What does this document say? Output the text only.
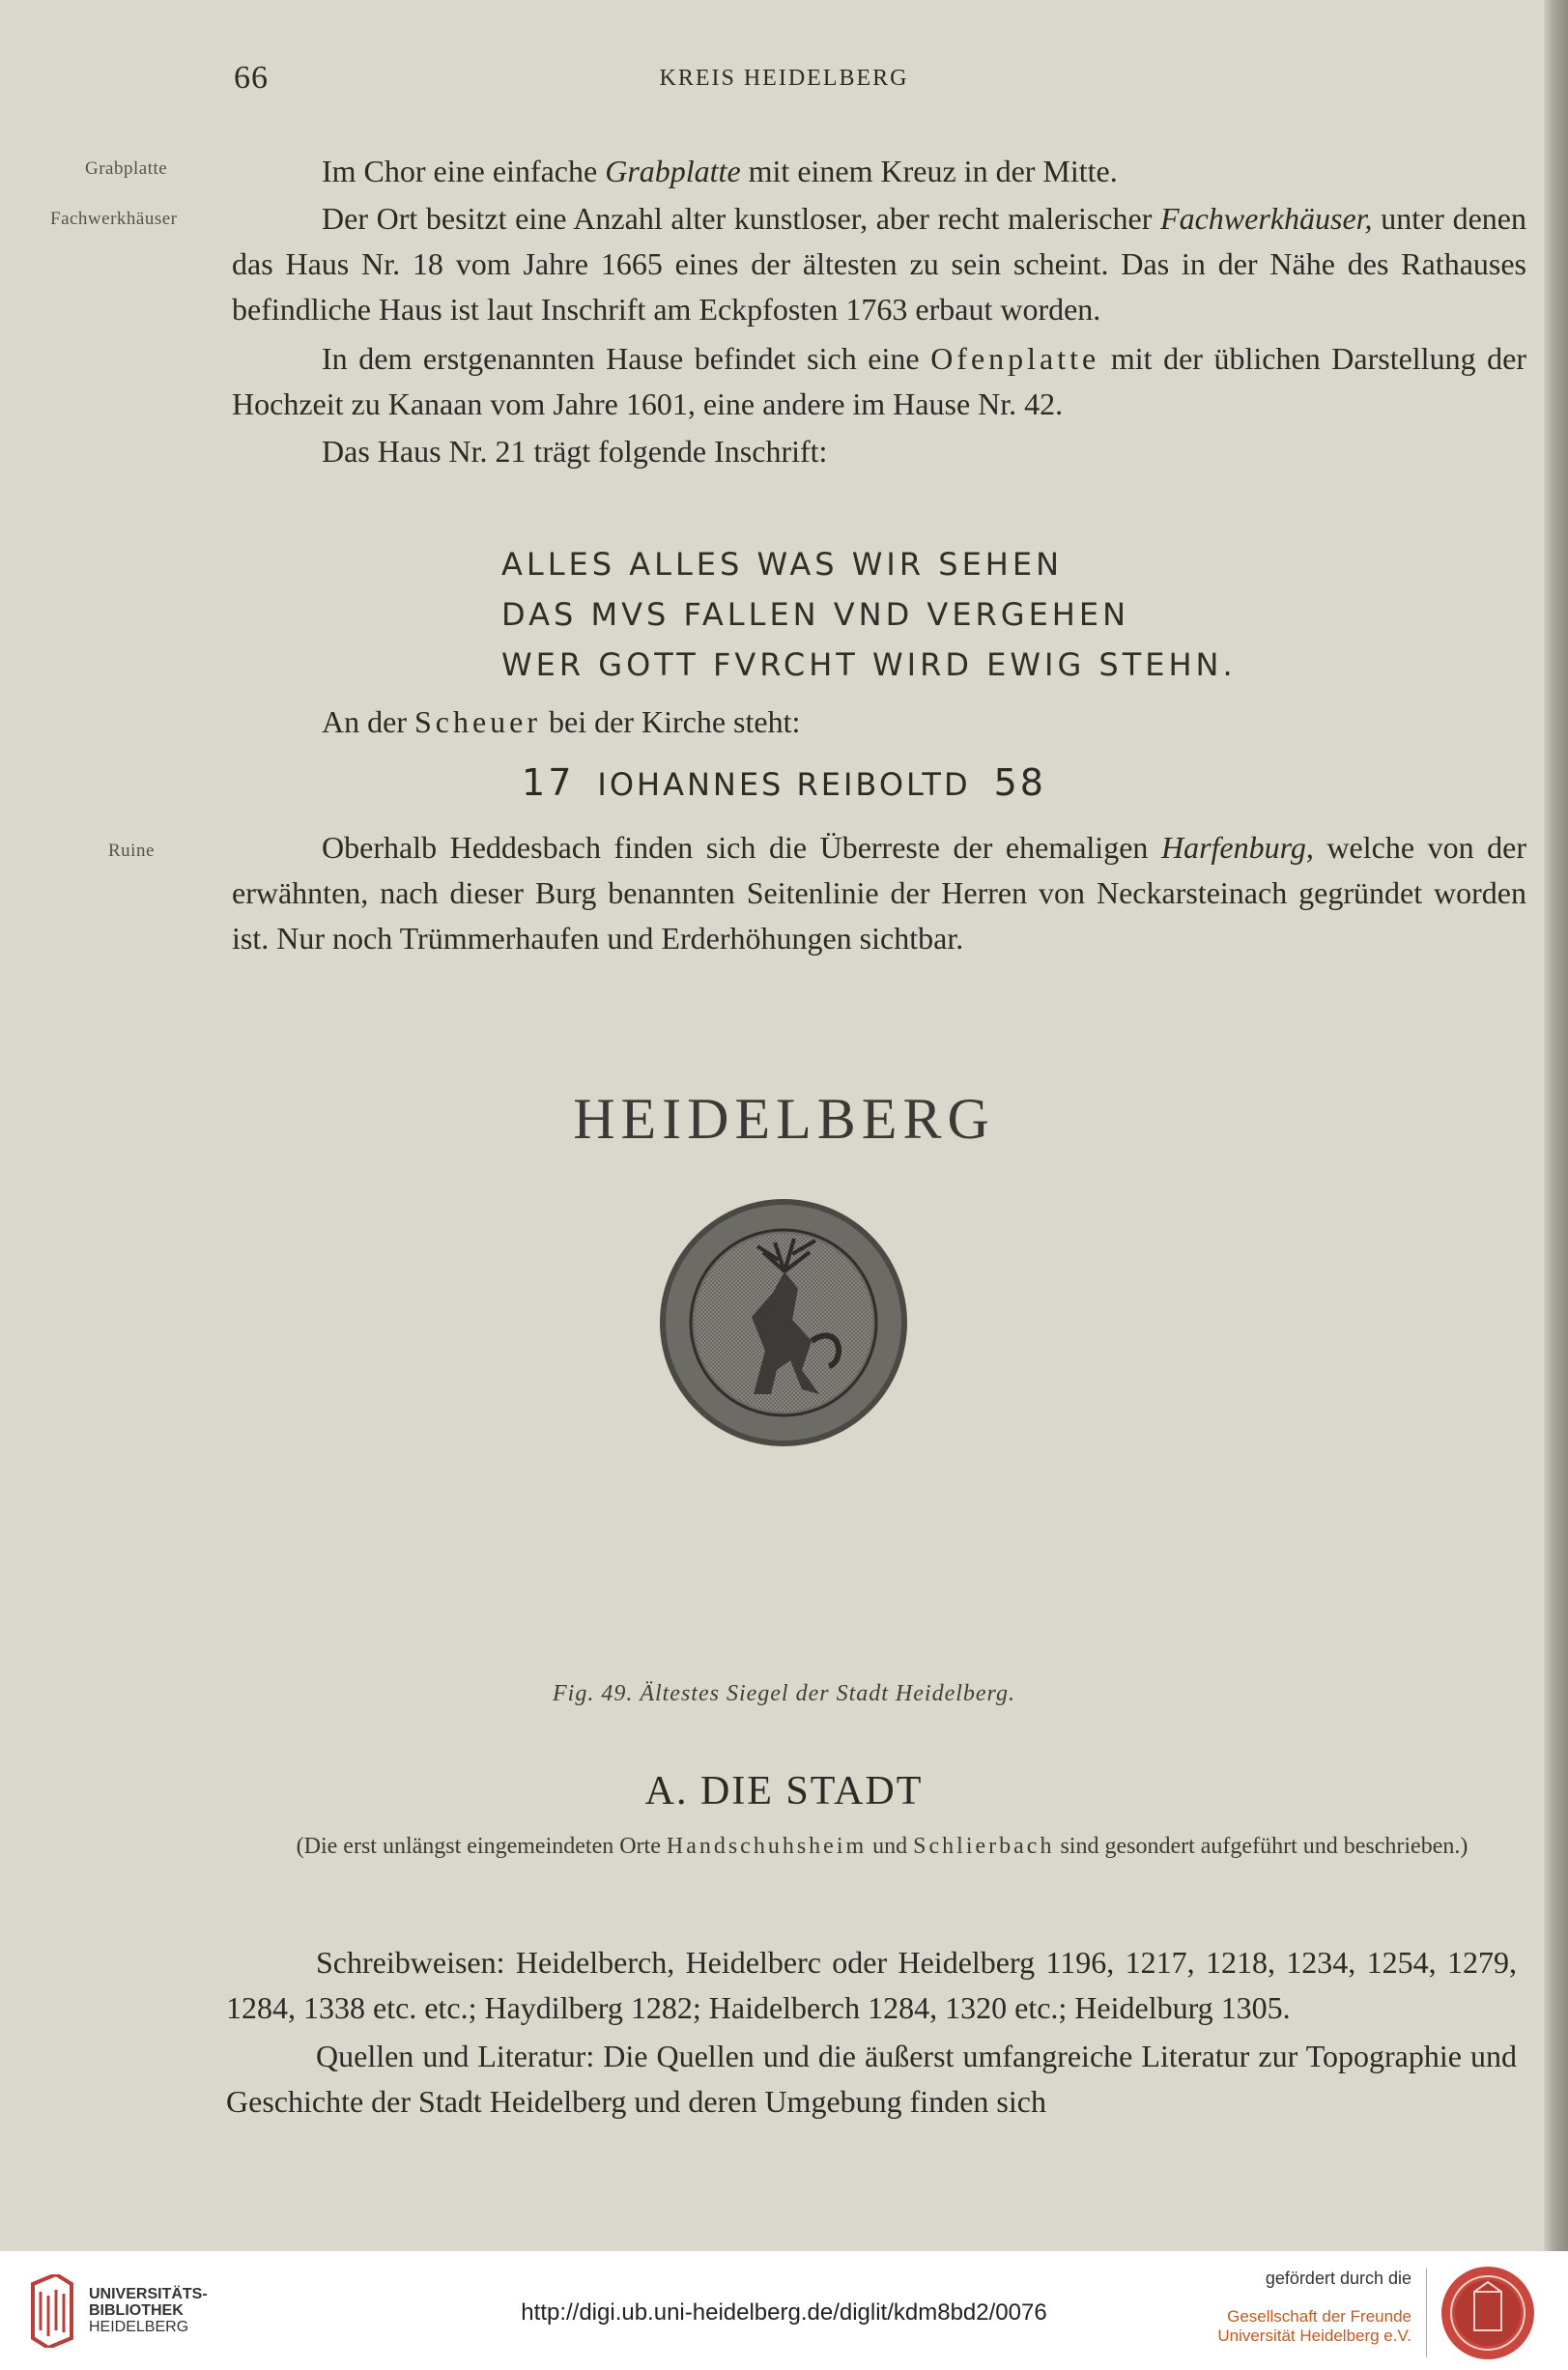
66	KREIS HEIDELBERG
Grabplatte
Fachwerkhäuser
Ruine

Im Chor eine einfache Grabplatte mit einem Kreuz in der Mitte.

Der Ort besitzt eine Anzahl alter kunstloser, aber recht malerischer Fachwerkhäuser, unter denen das Haus Nr. 18 vom Jahre 1665 eines der ältesten zu sein scheint. Das in der Nähe des Rathauses befindliche Haus ist laut Inschrift am Eckpfosten 1763 erbaut worden.

In dem erstgenannten Hause befindet sich eine Ofenplatte mit der üblichen Darstellung der Hochzeit zu Kanaan vom Jahre 1601, eine andere im Hause Nr. 42.

Das Haus Nr. 21 trägt folgende Inschrift:

ALLES ALLES WAS WIR SEHEN
DAS MVS FALLEN VND VERGEHEN
WER GOTT FVRCHT WIRD EWIG STEHN.

An der Scheuer bei der Kirche steht:

17 IOHANNES REIBOLTD 58

Oberhalb Heddesbach finden sich die Überreste der ehemaligen Harfenburg, welche von der erwähnten, nach dieser Burg benannten Seitenlinie der Herren von Neckarsteinach gegründet worden ist. Nur noch Trümmerhaufen und Erderhöhungen sichtbar.

HEIDELBERG
Fig. 49. Ältestes Siegel der Stadt Heidelberg.
A. DIE STADT
(Die erst unlängst eingemeindeten Orte Handschuhsheim und Schlierbach sind gesondert aufgeführt und beschrieben.)

Schreibweisen: Heidelberch, Heidelberc oder Heidelberg 1196, 1217, 1218, 1234, 1254, 1279, 1284, 1338 etc. etc.; Haydilberg 1282; Haidelberch 1284, 1320 etc.; Heidelburg 1305.

Quellen und Literatur: Die Quellen und die äußerst umfangreiche Literatur zur Topographie und Geschichte der Stadt Heidelberg und deren Umgebung finden sich

UNIVERSITÄTS-
BIBLIOTHEK
HEIDELBERG
http://digi.ub.uni-heidelberg.de/diglit/kdm8bd2/0076
gefördert durch die
Gesellschaft der Freunde
Universität Heidelberg e.V.
